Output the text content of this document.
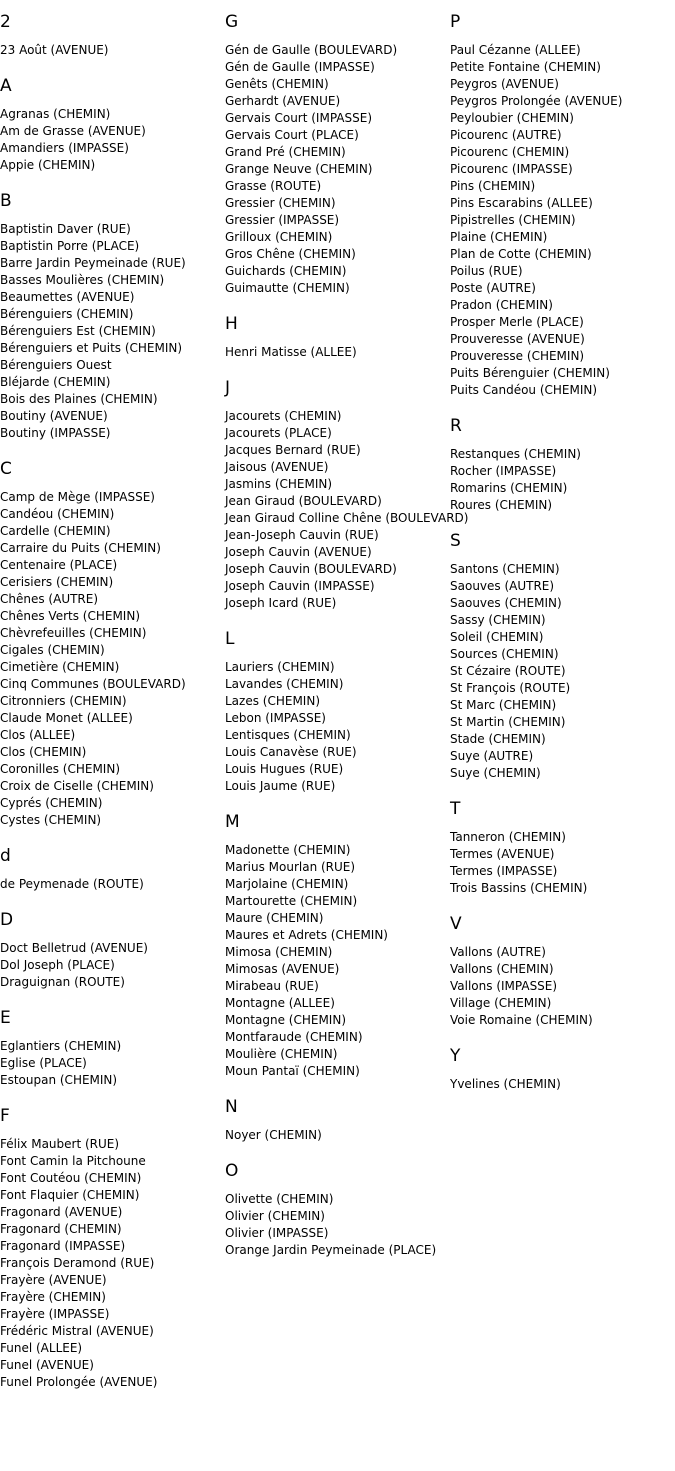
2
23 Août (AVENUE)
A
Agranas (CHEMIN)
Am de Grasse (AVENUE)
Amandiers (IMPASSE)
Appie (CHEMIN)
B
Baptistin Daver (RUE)
Baptistin Porre (PLACE)
Barre Jardin Peymeinade (RUE)
Basses Moulières (CHEMIN)
Beaumettes (AVENUE)
Bérenguiers (CHEMIN)
Bérenguiers Est (CHEMIN)
Bérenguiers et Puits (CHEMIN)
Bérenguiers Ouest
Bléjarde (CHEMIN)
Bois des Plaines (CHEMIN)
Boutiny (AVENUE)
Boutiny (IMPASSE)
C
Camp de Mège (IMPASSE)
Candéou (CHEMIN)
Cardelle (CHEMIN)
Carraire du Puits (CHEMIN)
Centenaire (PLACE)
Cerisiers (CHEMIN)
Chênes (AUTRE)
Chênes Verts (CHEMIN)
Chèvrefeuilles (CHEMIN)
Cigales (CHEMIN)
Cimetière (CHEMIN)
Cinq Communes (BOULEVARD)
Citronniers (CHEMIN)
Claude Monet (ALLEE)
Clos (ALLEE)
Clos (CHEMIN)
Coronilles (CHEMIN)
Croix de Ciselle (CHEMIN)
Cyprés (CHEMIN)
Cystes (CHEMIN)
d
de Peymenade (ROUTE)
D
Doct Belletrud (AVENUE)
Dol Joseph (PLACE)
Draguignan (ROUTE)
E
Eglantiers (CHEMIN)
Eglise (PLACE)
Estoupan (CHEMIN)
F
Félix Maubert (RUE)
Font Camin la Pitchoune
Font Coutéou (CHEMIN)
Font Flaquier (CHEMIN)
Fragonard (AVENUE)
Fragonard (CHEMIN)
Fragonard (IMPASSE)
François Deramond (RUE)
Frayère (AVENUE)
Frayère (CHEMIN)
Frayère (IMPASSE)
Frédéric Mistral (AVENUE)
Funel (ALLEE)
Funel (AVENUE)
Funel Prolongée (AVENUE)
G
Gén de Gaulle (BOULEVARD)
Gén de Gaulle (IMPASSE)
Genêts (CHEMIN)
Gerhardt (AVENUE)
Gervais Court (IMPASSE)
Gervais Court (PLACE)
Grand Pré (CHEMIN)
Grange Neuve (CHEMIN)
Grasse (ROUTE)
Gressier (CHEMIN)
Gressier (IMPASSE)
Grilloux (CHEMIN)
Gros Chêne (CHEMIN)
Guichards (CHEMIN)
Guimautte (CHEMIN)
H
Henri Matisse (ALLEE)
J
Jacourets (CHEMIN)
Jacourets (PLACE)
Jacques Bernard (RUE)
Jaisous (AVENUE)
Jasmins (CHEMIN)
Jean Giraud (BOULEVARD)
Jean Giraud Colline Chêne (BOULEVARD)
Jean-Joseph Cauvin (RUE)
Joseph Cauvin (AVENUE)
Joseph Cauvin (BOULEVARD)
Joseph Cauvin (IMPASSE)
Joseph Icard (RUE)
L
Lauriers (CHEMIN)
Lavandes (CHEMIN)
Lazes (CHEMIN)
Lebon (IMPASSE)
Lentisques (CHEMIN)
Louis Canavèse (RUE)
Louis Hugues (RUE)
Louis Jaume (RUE)
M
Madonette (CHEMIN)
Marius Mourlan (RUE)
Marjolaine (CHEMIN)
Martourette (CHEMIN)
Maure (CHEMIN)
Maures et Adrets (CHEMIN)
Mimosa (CHEMIN)
Mimosas (AVENUE)
Mirabeau (RUE)
Montagne (ALLEE)
Montagne (CHEMIN)
Montfaraude (CHEMIN)
Moulière (CHEMIN)
Moun Pantaï (CHEMIN)
N
Noyer (CHEMIN)
O
Olivette (CHEMIN)
Olivier (CHEMIN)
Olivier (IMPASSE)
Orange Jardin Peymeinade (PLACE)
P
Paul Cézanne (ALLEE)
Petite Fontaine (CHEMIN)
Peygros (AVENUE)
Peygros Prolongée (AVENUE)
Peyloubier (CHEMIN)
Picourenc (AUTRE)
Picourenc (CHEMIN)
Picourenc (IMPASSE)
Pins (CHEMIN)
Pins Escarabins (ALLEE)
Pipistrelles (CHEMIN)
Plaine (CHEMIN)
Plan de Cotte (CHEMIN)
Poilus (RUE)
Poste (AUTRE)
Pradon (CHEMIN)
Prosper Merle (PLACE)
Prouveresse (AVENUE)
Prouveresse (CHEMIN)
Puits Bérenguier (CHEMIN)
Puits Candéou (CHEMIN)
R
Restanques (CHEMIN)
Rocher (IMPASSE)
Romarins (CHEMIN)
Roures (CHEMIN)
S
Santons (CHEMIN)
Saouves (AUTRE)
Saouves (CHEMIN)
Sassy (CHEMIN)
Soleil (CHEMIN)
Sources (CHEMIN)
St Cézaire (ROUTE)
St François (ROUTE)
St Marc (CHEMIN)
St Martin (CHEMIN)
Stade (CHEMIN)
Suye (AUTRE)
Suye (CHEMIN)
T
Tanneron (CHEMIN)
Termes (AVENUE)
Termes (IMPASSE)
Trois Bassins (CHEMIN)
V
Vallons (AUTRE)
Vallons (CHEMIN)
Vallons (IMPASSE)
Village (CHEMIN)
Voie Romaine (CHEMIN)
Y
Yvelines (CHEMIN)
